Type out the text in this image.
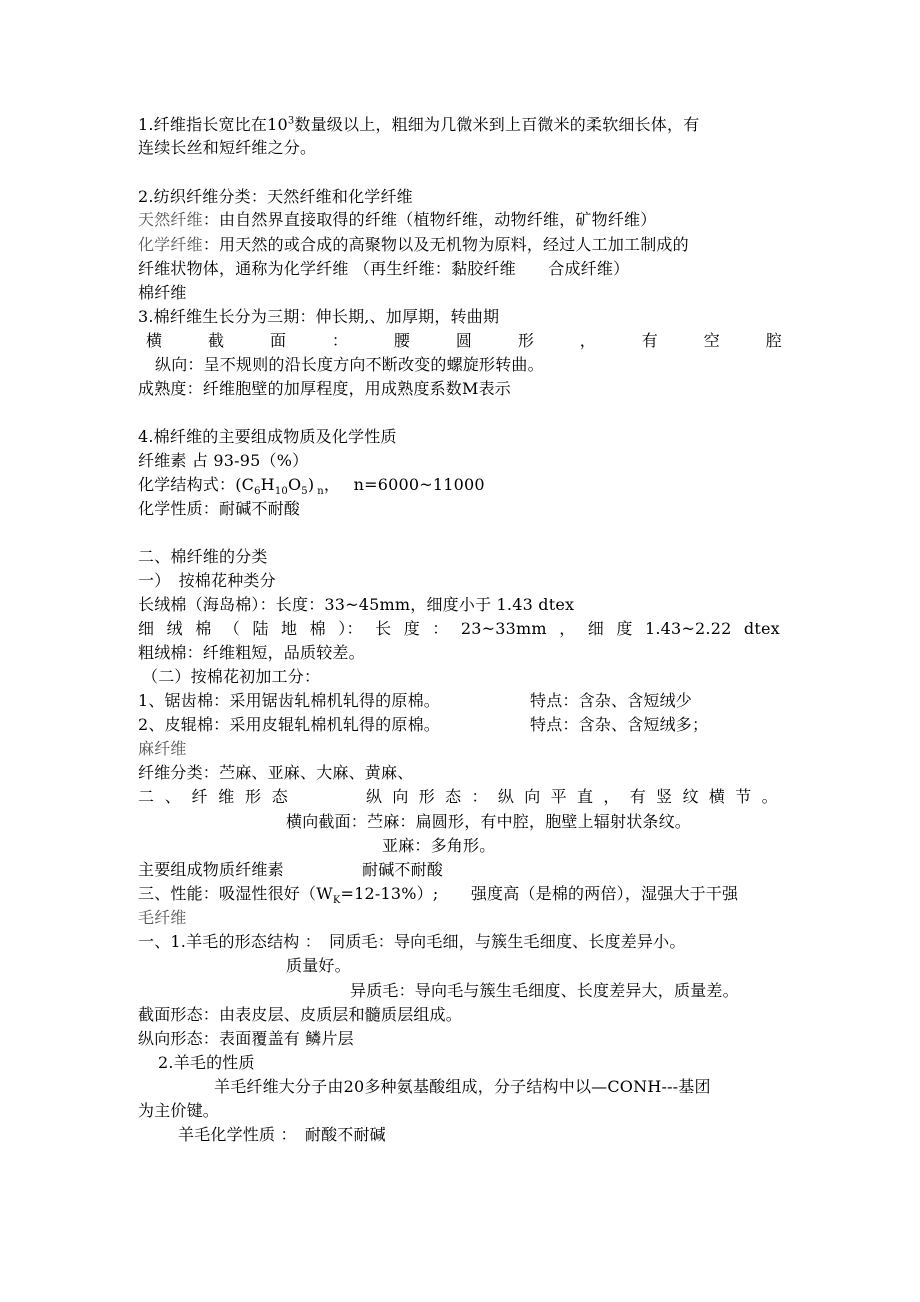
1.纤维指长宽比在$10^3$数量级以上，粗细为几微米到上百微米的柔软细长体，有
连续长丝和短纤维之分。
2.纺织纤维分类：天然纤维和化学纤维
天然纤维：由自然界直接取得的纤维（植物纤维，动物纤维，矿物纤维）
化学纤维：用天然的或合成的高聚物以及无机物为原料，经过人工加工制成的
纤维状物体，通称为化学纤维 （再生纤维：黏胶纤维　　合成纤维）
棉纤维
3.棉纤维生长分为三期：伸长期,、加厚期，转曲期
横	截	面	：	腰	圆	形	，	有	空	腔
纵向：呈不规则的沿长度方向不断改变的螺旋形转曲。
成熟度：纤维胞壁的加厚程度，用成熟度系数M表示
4.棉纤维的主要组成物质及化学性质
纤维素 占 93-95（%）
化学结构式：$(C_6H_{10}O_5)$ $_n$，　 n=6000~11000
化学性质：耐碱不耐酸
二、棉纤维的分类
一）　按棉花种类分
长绒棉（海岛棉）：长度：33~45mm，细度小于 1.43 dtex
细 绒 棉 （ 陆 地 棉 ）： 长 度 ： 23~33mm ， 细 度 1.43~2.22 dtex
粗绒棉：纤维粗短，品质较差。
（二）按棉花初加工分：
1、锯齿棉：采用锯齿轧棉机轧得的原棉。	特点：含杂、含短绒少
2、皮辊棉：采用皮辊轧棉机轧得的原棉。	特点：含杂、含短绒多；
麻纤维
纤维分类：苎麻、亚麻、大麻、黄麻、
二 、 纤 维 形 态	纵 向 形 态 ： 纵 向 平 直 ， 有 竖 纹 横 节 。
横向截面：苎麻：扁圆形，有中腔，胞壁上辐射状条纹。
亚麻：多角形。
主要组成物质纤维素	耐碱不耐酸
三、性能：吸湿性很好$(W_K=12-13\%)$;　　强度高（是棉的两倍），湿强大于干强
毛纤维
一、1.羊毛的形态结构 ：　同质毛：导向毛细，与簇生毛细度、长度差异小。
质量好。
异质毛：导向毛与簇生毛细度、长度差异大，质量差。
截面形态：由表皮层、皮质层和髓质层组成。
纵向形态：表面覆盖有 鳞片层
2.羊毛的性质
羊毛纤维大分子由20多种氨基酸组成，分子结构中以—CONH---基团
为主价键。
羊毛化学性质 ：　耐酸不耐碱
